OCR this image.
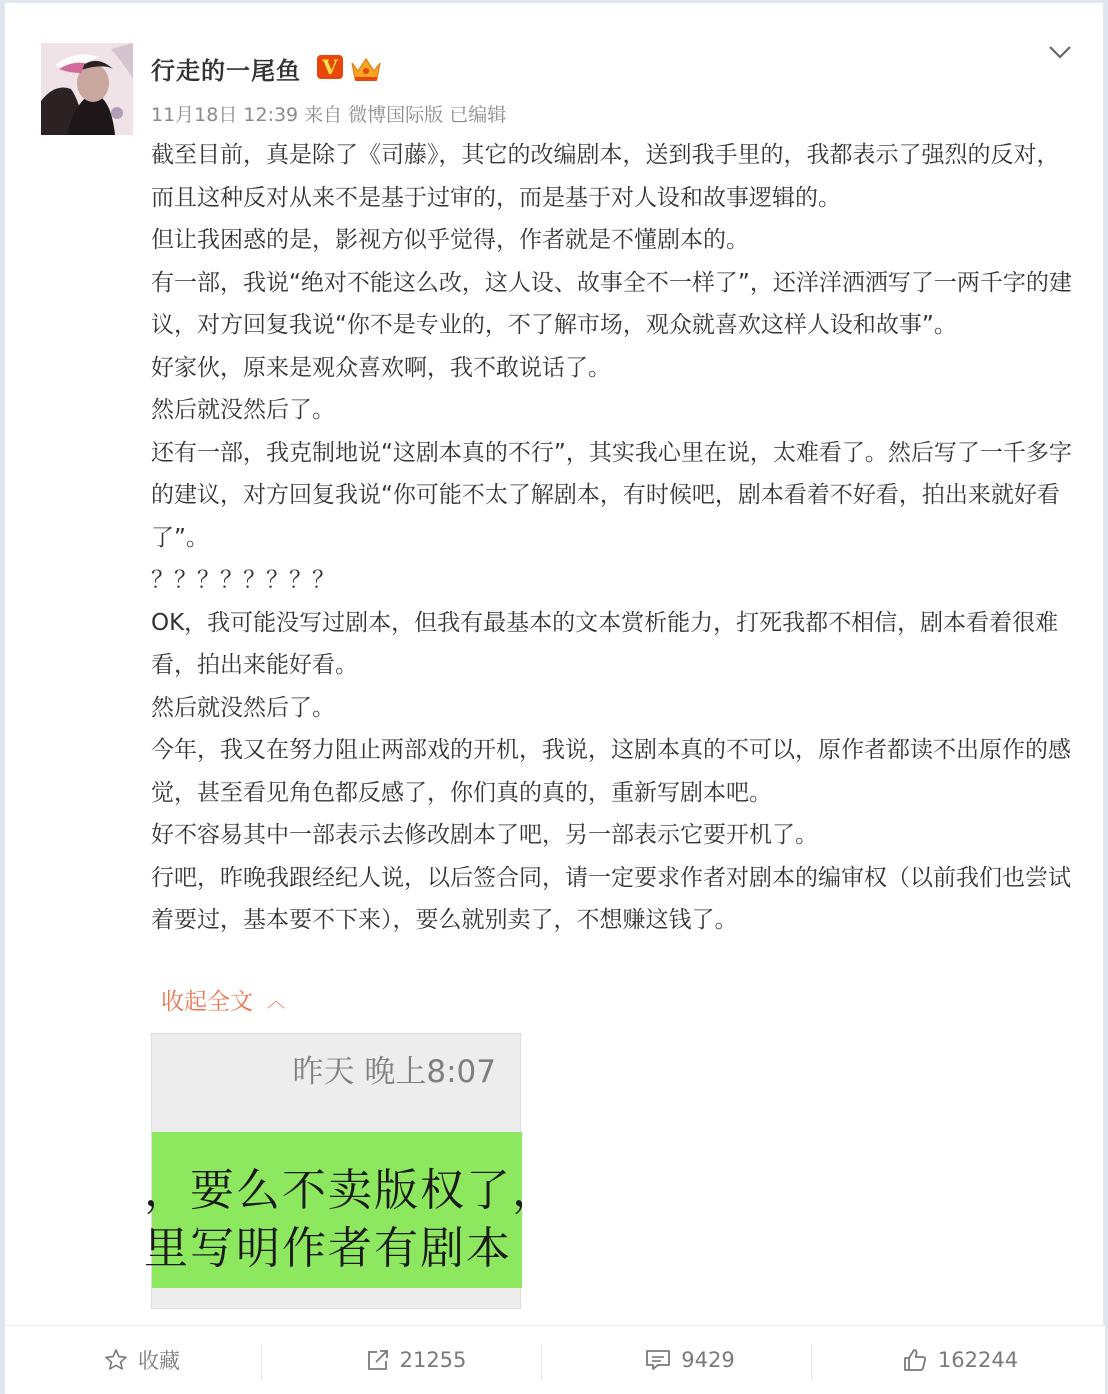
行走的一尾鱼 V
11月18日 12:39 来自 微博国际版 已编辑

截至目前，真是除了《司藤》，其它的改编剧本，送到我手里的，我都表示了强烈的反对，而且这种反对从来不是基于过审的，而是基于对人设和故事逻辑的。

但让我困惑的是，影视方似乎觉得，作者就是不懂剧本的。

有一部，我说“绝对不能这么改，这人设、故事全不一样了”，还洋洋洒洒写了一两千字的建议，对方回复我说“你不是专业的，不了解市场，观众就喜欢这样人设和故事”。

好家伙，原来是观众喜欢啊，我不敢说话了。

然后就没然后了。

还有一部，我克制地说“这剧本真的不行”，其实我心里在说，太难看了。然后写了一千多字的建议，对方回复我说“你可能不太了解剧本，有时候吧，剧本看着不好看，拍出来就好看了”。

？？？？？？？？

OK，我可能没写过剧本，但我有最基本的文本赏析能力，打死我都不相信，剧本看着很难看，拍出来能好看。

然后就没然后了。

今年，我又在努力阻止两部戏的开机，我说，这剧本真的不可以，原作者都读不出原作的感觉，甚至看见角色都反感了，你们真的真的，重新写剧本吧。

好不容易其中一部表示去修改剧本了吧，另一部表示它要开机了。

行吧，昨晚我跟经纪人说，以后签合同，请一定要求作者对剧本的编审权（以前我们也尝试着要过，基本要不下来），要么就别卖了，不想赚这钱了。

收起全文 ︿
昨天 晚上8:07
，要么不卖版权了，
里写明作者有剧本
收藏	21255	9429	162244
